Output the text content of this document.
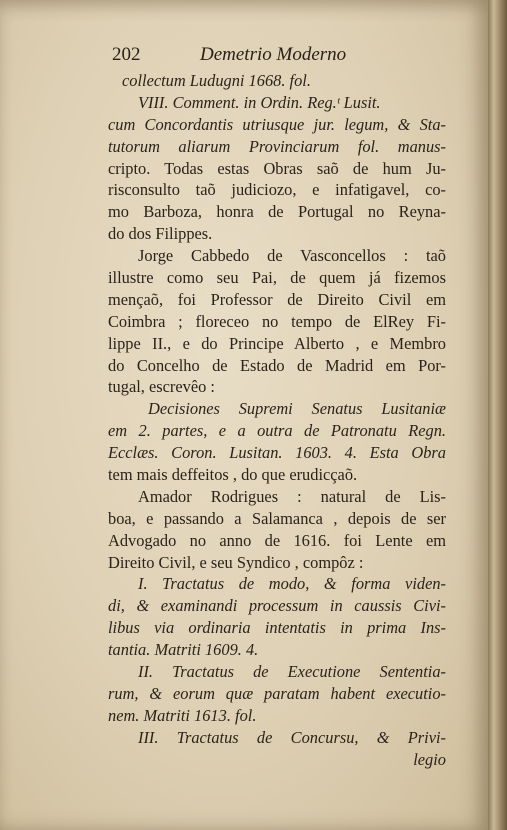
202	Demetrio Moderno
collectum Ludugni 1668. fol.
VIII. Comment. in Ordin. Reg.ᵗ Lusit.
cum Concordantis utriusque jur. legum, & Sta-
tutorum aliarum Provinciarum fol. manus-
cripto. Todas estas Obras saõ de hum Ju-
risconsulto taõ judiciozo, e infatigavel, co-
mo Barboza, honra de Portugal no Reyna-
do dos Filippes.
Jorge Cabbedo de Vasconcellos : taõ
illustre como seu Pai, de quem já fizemos
mençaõ, foi Professor de Direito Civil em
Coimbra ; floreceo no tempo de ElRey Fi-
lippe II., e do Principe Alberto , e Membro
do Concelho de Estado de Madrid em Por-
tugal, escrevêo :
Decisiones Supremi Senatus Lusitaniæ
em 2. partes, e a outra de Patronatu Regn.
Ecclæs. Coron. Lusitan. 1603. 4. Esta Obra
tem mais deffeitos , do que erudicçaõ.
Amador Rodrigues : natural de Lis-
boa, e passando a Salamanca , depois de ser
Advogado no anno de 1616. foi Lente em
Direito Civil, e seu Syndico , compôz :
I. Tractatus de modo, & forma viden-
di, & examinandi processum in caussis Civi-
libus via ordinaria intentatis in prima Ins-
tantia. Matriti 1609. 4.
II. Tractatus de Executione Sententia-
rum, & eorum quæ paratam habent executio-
nem. Matriti 1613. fol.
III. Tractatus de Concursu, & Privi-
legio
